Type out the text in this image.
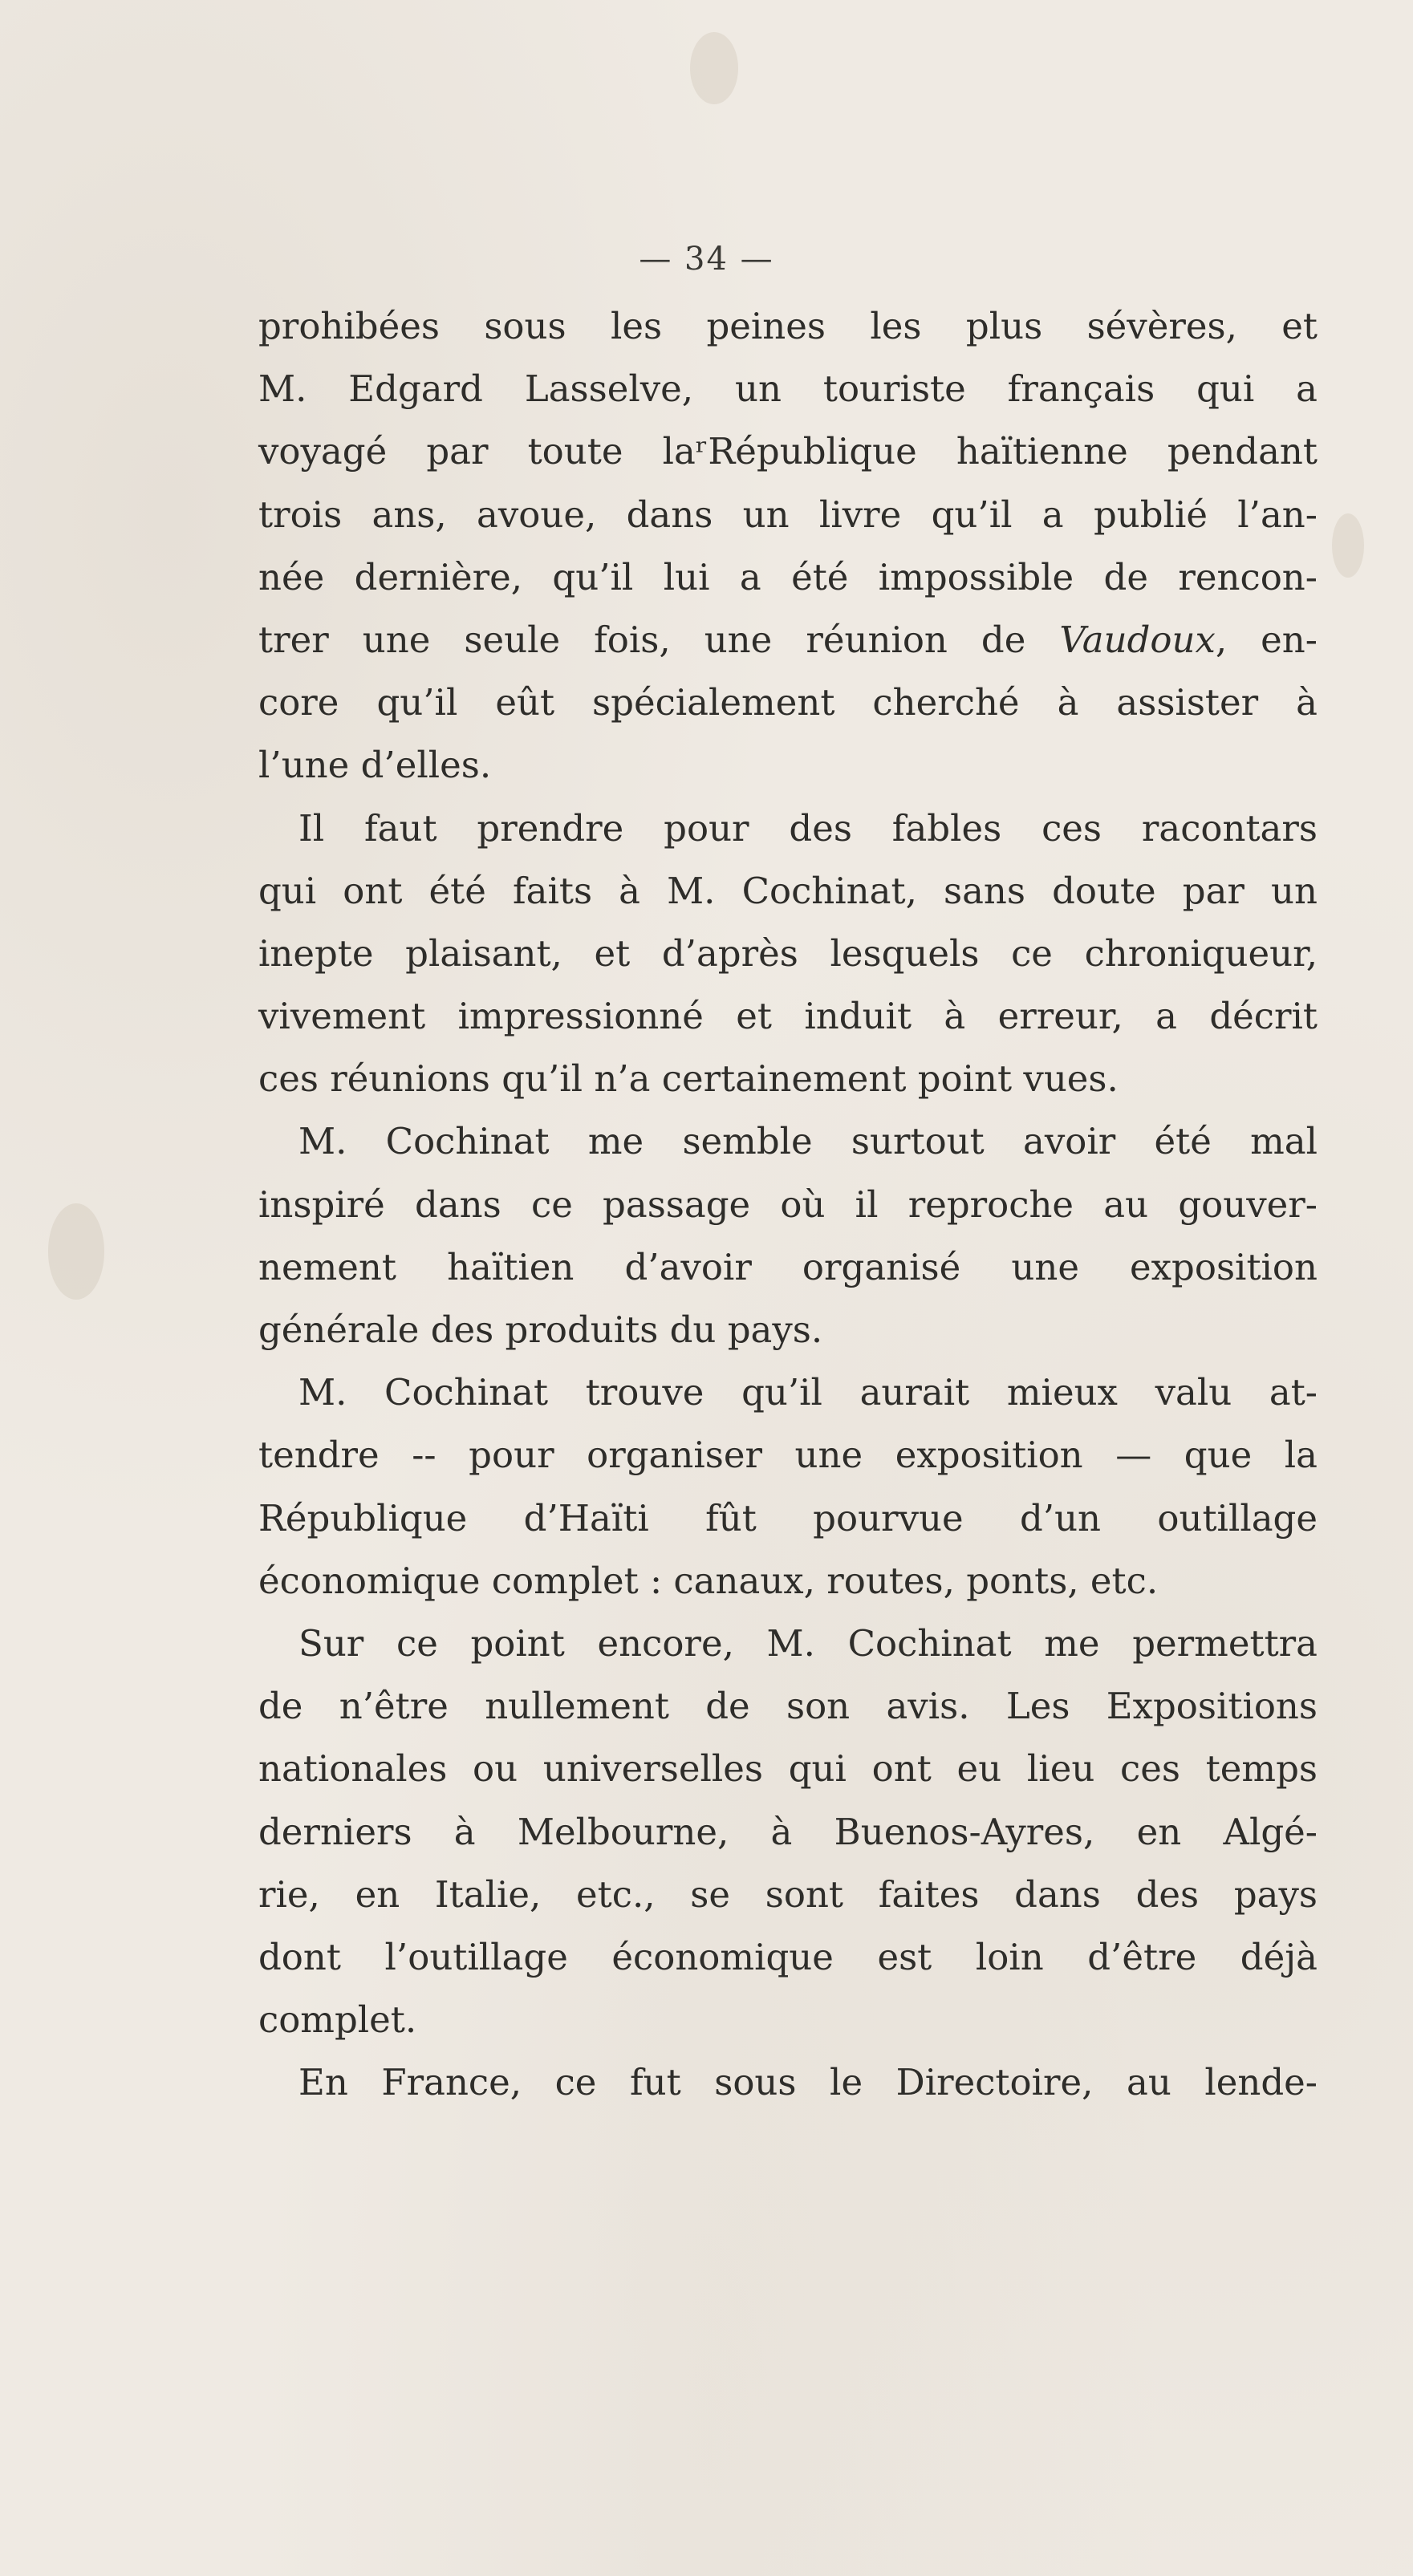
— 34 —
prohibées sous les peines les plus sévères, et
M. Edgard Lasselve, un touriste français qui a
voyagé par toute laʳRépublique haïtienne pendant
trois ans, avoue, dans un livre qu’il a publié l’an-
née dernière, qu’il lui a été impossible de rencon-
trer une seule fois, une réunion de Vaudoux, en-
core qu’il eût spécialement cherché à assister à
l’une d’elles.
Il faut prendre pour des fables ces racontars
qui ont été faits à M. Cochinat, sans doute par un
inepte plaisant, et d’après lesquels ce chroniqueur,
vivement impressionné et induit à erreur, a décrit
ces réunions qu’il n’a certainement point vues.
M. Cochinat me semble surtout avoir été mal
inspiré dans ce passage où il reproche au gouver-
nement haïtien d’avoir organisé une exposition
générale des produits du pays.
M. Cochinat trouve qu’il aurait mieux valu at-
tendre -- pour organiser une exposition — que la
République d’Haïti fût pourvue d’un outillage
économique complet : canaux, routes, ponts, etc.
Sur ce point encore, M. Cochinat me permettra
de n’être nullement de son avis. Les Expositions
nationales ou universelles qui ont eu lieu ces temps
derniers à Melbourne, à Buenos-Ayres, en Algé-
rie, en Italie, etc., se sont faites dans des pays
dont l’outillage économique est loin d’être déjà
complet.
En France, ce fut sous le Directoire, au lende-
